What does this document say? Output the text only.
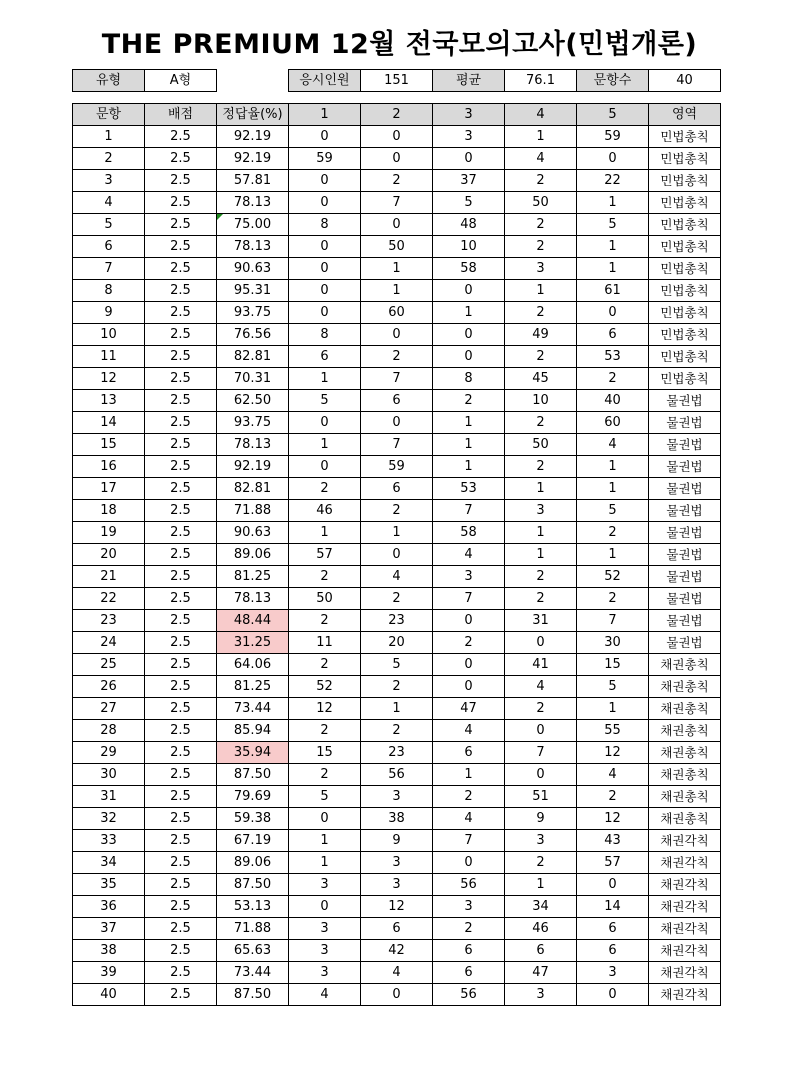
THE PREMIUM 12월 전국모의고사(민법개론)
유형	A형		응시인원	151	평균	76.1	문항수	40
문항	배점	정답율(%)	1	2	3	4	5	영역
1	2.5	92.19	0	0	3	1	59	민법총칙
2	2.5	92.19	59	0	0	4	0	민법총칙
3	2.5	57.81	0	2	37	2	22	민법총칙
4	2.5	78.13	0	7	5	50	1	민법총칙
5	2.5	75.00	8	0	48	2	5	민법총칙
6	2.5	78.13	0	50	10	2	1	민법총칙
7	2.5	90.63	0	1	58	3	1	민법총칙
8	2.5	95.31	0	1	0	1	61	민법총칙
9	2.5	93.75	0	60	1	2	0	민법총칙
10	2.5	76.56	8	0	0	49	6	민법총칙
11	2.5	82.81	6	2	0	2	53	민법총칙
12	2.5	70.31	1	7	8	45	2	민법총칙
13	2.5	62.50	5	6	2	10	40	물권법
14	2.5	93.75	0	0	1	2	60	물권법
15	2.5	78.13	1	7	1	50	4	물권법
16	2.5	92.19	0	59	1	2	1	물권법
17	2.5	82.81	2	6	53	1	1	물권법
18	2.5	71.88	46	2	7	3	5	물권법
19	2.5	90.63	1	1	58	1	2	물권법
20	2.5	89.06	57	0	4	1	1	물권법
21	2.5	81.25	2	4	3	2	52	물권법
22	2.5	78.13	50	2	7	2	2	물권법
23	2.5	48.44	2	23	0	31	7	물권법
24	2.5	31.25	11	20	2	0	30	물권법
25	2.5	64.06	2	5	0	41	15	채권총칙
26	2.5	81.25	52	2	0	4	5	채권총칙
27	2.5	73.44	12	1	47	2	1	채권총칙
28	2.5	85.94	2	2	4	0	55	채권총칙
29	2.5	35.94	15	23	6	7	12	채권총칙
30	2.5	87.50	2	56	1	0	4	채권총칙
31	2.5	79.69	5	3	2	51	2	채권총칙
32	2.5	59.38	0	38	4	9	12	채권총칙
33	2.5	67.19	1	9	7	3	43	채권각칙
34	2.5	89.06	1	3	0	2	57	채권각칙
35	2.5	87.50	3	3	56	1	0	채권각칙
36	2.5	53.13	0	12	3	34	14	채권각칙
37	2.5	71.88	3	6	2	46	6	채권각칙
38	2.5	65.63	3	42	6	6	6	채권각칙
39	2.5	73.44	3	4	6	47	3	채권각칙
40	2.5	87.50	4	0	56	3	0	채권각칙
